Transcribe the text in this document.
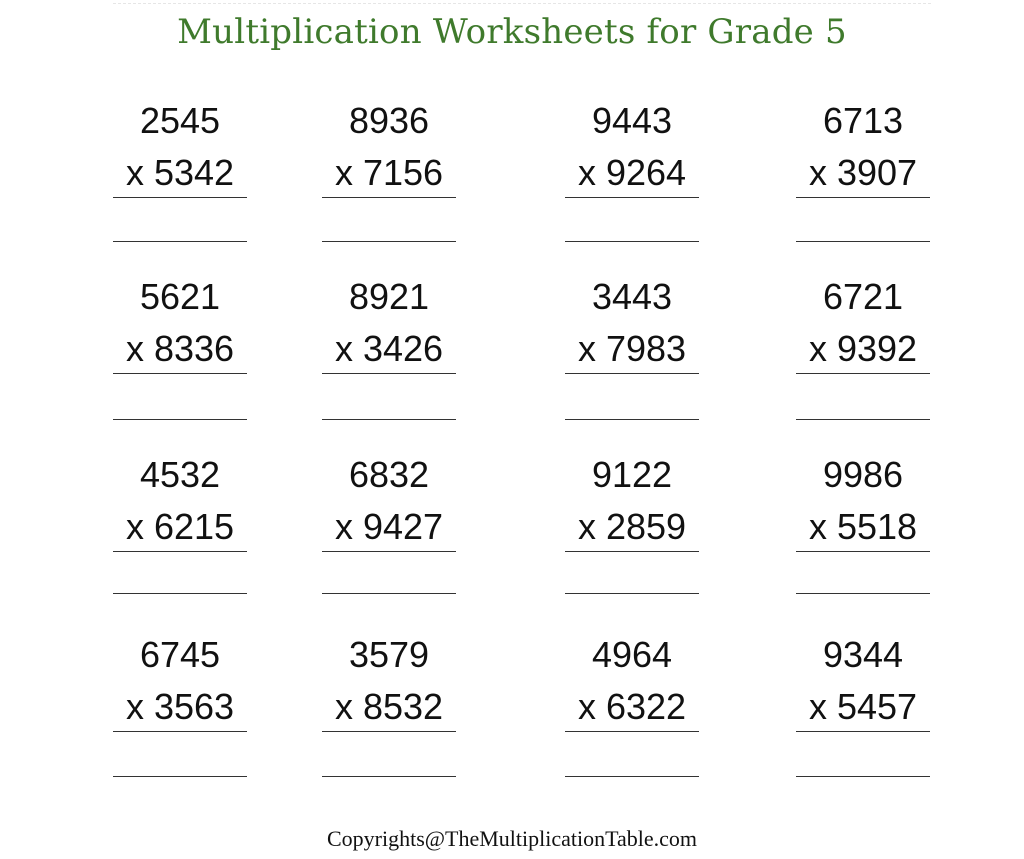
Multiplication Worksheets for Grade 5
2545
x 5342
8936
x 7156
9443
x 9264
6713
x 3907
5621
x 8336
8921
x 3426
3443
x 7983
6721
x 9392
4532
x 6215
6832
x 9427
9122
x 2859
9986
x 5518
6745
x 3563
3579
x 8532
4964
x 6322
9344
x 5457
Copyrights@TheMultiplicationTable.com
